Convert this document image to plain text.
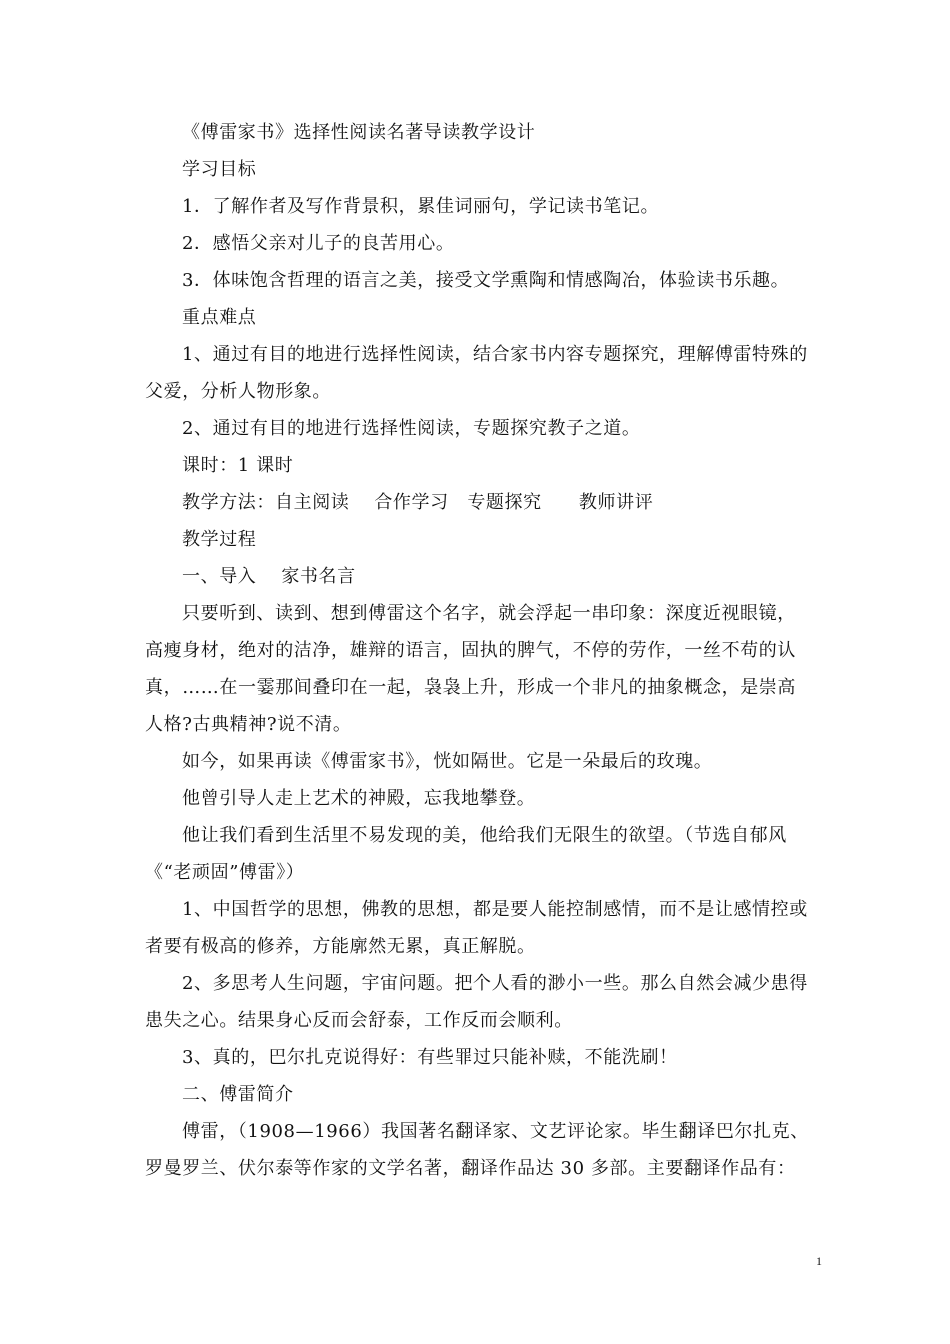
《傅雷家书》选择性阅读名著导读教学设计

学习目标

1．了解作者及写作背景积，累佳词丽句，学记读书笔记。

2．感悟父亲对儿子的良苦用心。

3．体味饱含哲理的语言之美，接受文学熏陶和情感陶冶，体验读书乐趣。

重点难点

1、通过有目的地进行选择性阅读，结合家书内容专题探究，理解傅雷特殊的父爱，分析人物形象。

2、通过有目的地进行选择性阅读，专题探究教子之道。

课时：1 课时

教学方法：自主阅读　 合作学习　专题探究　　教师讲评

教学过程

一、导入　 家书名言

只要听到、读到、想到傅雷这个名字，就会浮起一串印象：深度近视眼镜，高瘦身材，绝对的洁净，雄辩的语言，固执的脾气，不停的劳作，一丝不苟的认真，……在一霎那间叠印在一起，袅袅上升，形成一个非凡的抽象概念，是崇高人格?古典精神?说不清。

如今，如果再读《傅雷家书》，恍如隔世。它是一朵最后的玫瑰。

他曾引导人走上艺术的神殿，忘我地攀登。

他让我们看到生活里不易发现的美，他给我们无限生的欲望。（节选自郁风《“老顽固”傅雷》）

1、中国哲学的思想，佛教的思想，都是要人能控制感情，而不是让感情控或者要有极高的修养，方能廓然无累，真正解脱。

2、多思考人生问题，宇宙问题。把个人看的渺小一些。那么自然会减少患得患失之心。结果身心反而会舒泰，工作反而会顺利。

3、真的，巴尔扎克说得好：有些罪过只能补赎，不能洗刷！

二、傅雷简介

傅雷，（1908—1966）我国著名翻译家、文艺评论家。毕生翻译巴尔扎克、罗曼罗兰、伏尔泰等作家的文学名著，翻译作品达 30 多部。主要翻译作品有：

1
